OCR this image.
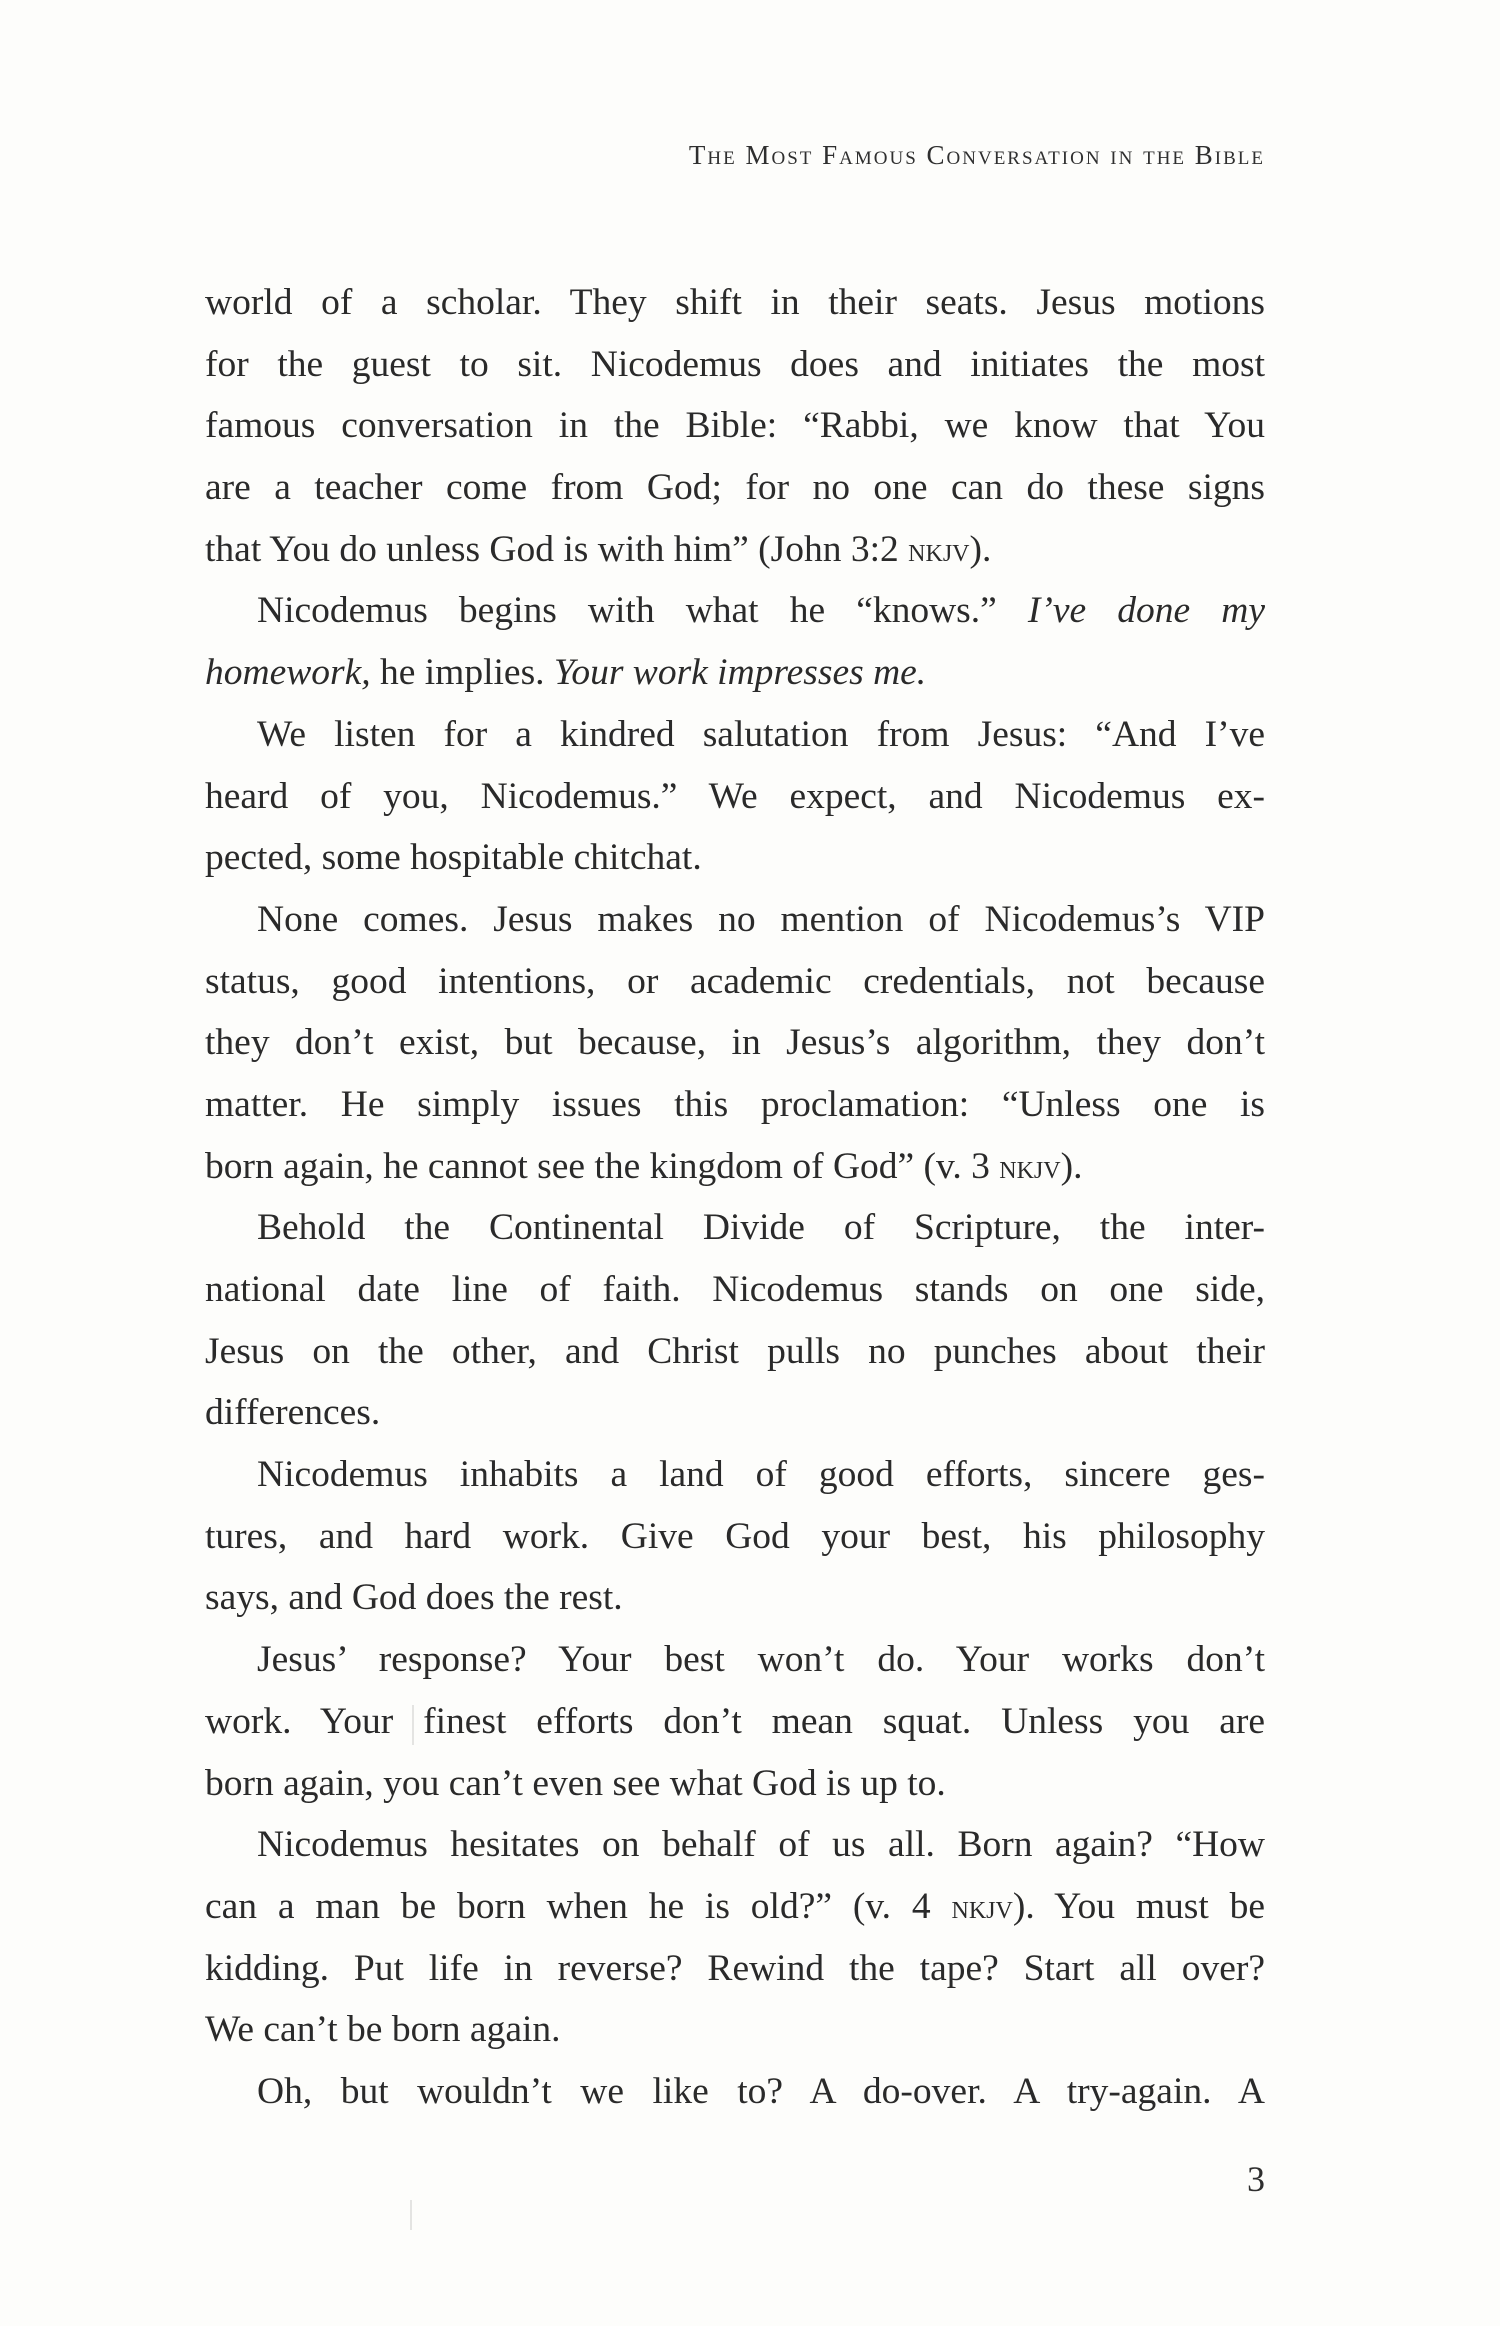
The Most Famous Conversation in the Bible
world of a scholar. They shift in their seats. Jesus motions
for the guest to sit. Nicodemus does and initiates the most
famous conversation in the Bible: “Rabbi, we know that You
are a teacher come from God; for no one can do these signs
that You do unless God is with him” (John 3:2 nkjv).
Nicodemus begins with what he “knows.” I’ve done my
homework, he implies. Your work impresses me.
We listen for a kindred salutation from Jesus: “And I’ve
heard of you, Nicodemus.” We expect, and Nicodemus ex-
pected, some hospitable chitchat.
None comes. Jesus makes no mention of Nicodemus’s VIP
status, good intentions, or academic credentials, not because
they don’t exist, but because, in Jesus’s algorithm, they don’t
matter. He simply issues this proclamation: “Unless one is
born again, he cannot see the kingdom of God” (v. 3 nkjv).
Behold the Continental Divide of Scripture, the inter-
national date line of faith. Nicodemus stands on one side,
Jesus on the other, and Christ pulls no punches about their
differences.
Nicodemus inhabits a land of good efforts, sincere ges-
tures, and hard work. Give God your best, his philosophy
says, and God does the rest.
Jesus’ response? Your best won’t do. Your works don’t
work. Your finest efforts don’t mean squat. Unless you are
born again, you can’t even see what God is up to.
Nicodemus hesitates on behalf of us all. Born again? “How
can a man be born when he is old?” (v. 4 nkjv). You must be
kidding. Put life in reverse? Rewind the tape? Start all over?
We can’t be born again.
Oh, but wouldn’t we like to? A do-over. A try-again. A
3
